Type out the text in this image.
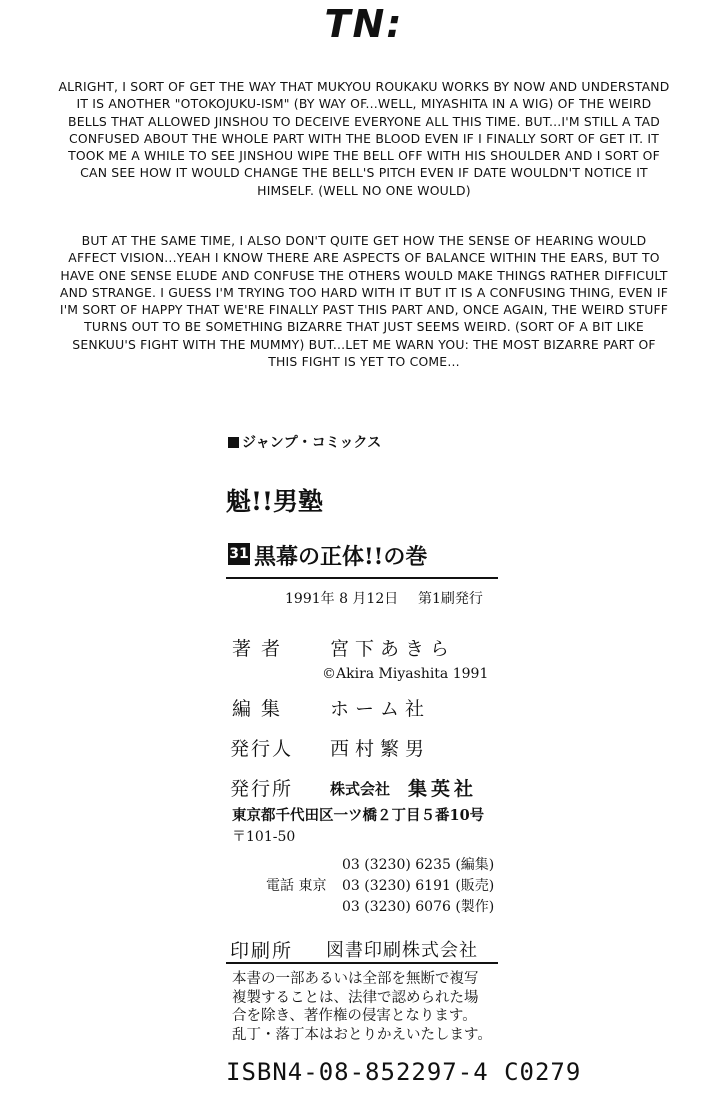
TN:
ALRIGHT, I SORT OF GET THE WAY THAT MUKYOU ROUKAKU WORKS BY NOW AND UNDERSTAND IT IS ANOTHER "OTOKOJUKU-ISM" (BY WAY OF...WELL, MIYASHITA IN A WIG) OF THE WEIRD BELLS THAT ALLOWED JINSHOU TO DECEIVE EVERYONE ALL THIS TIME. BUT...I'M STILL A TAD CONFUSED ABOUT THE WHOLE PART WITH THE BLOOD EVEN IF I FINALLY SORT OF GET IT. IT TOOK ME A WHILE TO SEE JINSHOU WIPE THE BELL OFF WITH HIS SHOULDER AND I SORT OF CAN SEE HOW IT WOULD CHANGE THE BELL'S PITCH EVEN IF DATE WOULDN'T NOTICE IT HIMSELF. (WELL NO ONE WOULD)
BUT AT THE SAME TIME, I ALSO DON'T QUITE GET HOW THE SENSE OF HEARING WOULD AFFECT VISION...YEAH I KNOW THERE ARE ASPECTS OF BALANCE WITHIN THE EARS, BUT TO HAVE ONE SENSE ELUDE AND CONFUSE THE OTHERS WOULD MAKE THINGS RATHER DIFFICULT AND STRANGE. I GUESS I'M TRYING TOO HARD WITH IT BUT IT IS A CONFUSING THING, EVEN IF I'M SORT OF HAPPY THAT WE'RE FINALLY PAST THIS PART AND, ONCE AGAIN, THE WEIRD STUFF TURNS OUT TO BE SOMETHING BIZARRE THAT JUST SEEMS WEIRD. (SORT OF A BIT LIKE SENKUU'S FIGHT WITH THE MUMMY) BUT...LET ME WARN YOU: THE MOST BIZARRE PART OF THIS FIGHT IS YET TO COME...
ジャンプ・コミックス
魁!!男塾
31 黒幕の正体!!の巻
1991年 8 月12日 第1刷発行
著 者	宮下あきら
©Akira Miyashita 1991
編 集	ホーム社
発行人 西村繁男
発行所 株式会社 集英社
東京都千代田区一ツ橋２丁目５番10号
〒101-50
03 (3230) 6235 (編集)
電話 東京 03 (3230) 6191 (販売)
03 (3230) 6076 (製作)
印刷所 図書印刷株式会社
本書の一部あるいは全部を無断で複写
複製することは、法律で認められた場
合を除き、著作権の侵害となります。
乱丁・落丁本はおとりかえいたします。
ISBN4-08-852297-4 C0279
